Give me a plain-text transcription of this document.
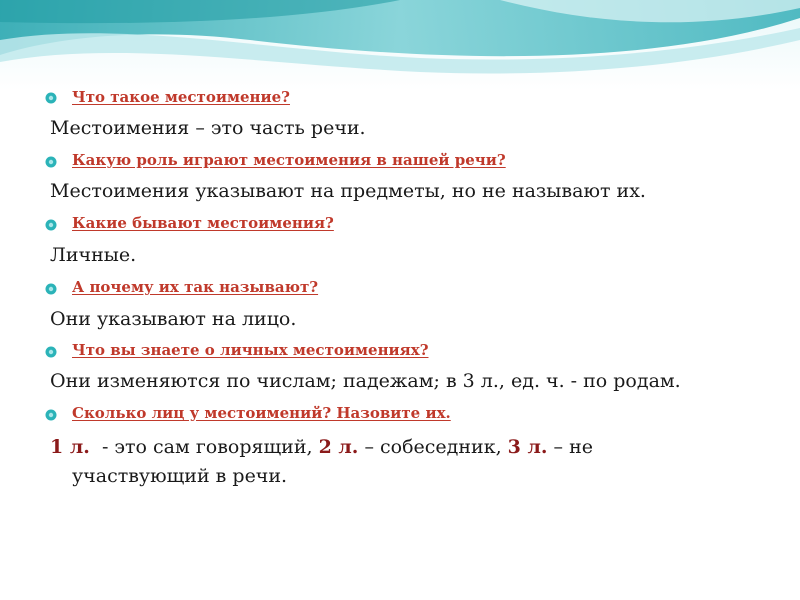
Что такое местоимение?
Местоимения – это часть речи.
Какую роль играют местоимения в нашей речи?
Местоимения указывают на предметы, но не называют их.
Какие бывают местоимения?
Личные.
А почему их так называют?
Они указывают на лицо.
Что вы знаете о личных местоимениях?
Они изменяются по числам; падежам; в 3 л., ед. ч. - по родам.
Сколько лиц у местоимений? Назовите их.
1 л.  - это сам говорящий, 2 л. – собеседник, 3 л. – не
участвующий в речи.
